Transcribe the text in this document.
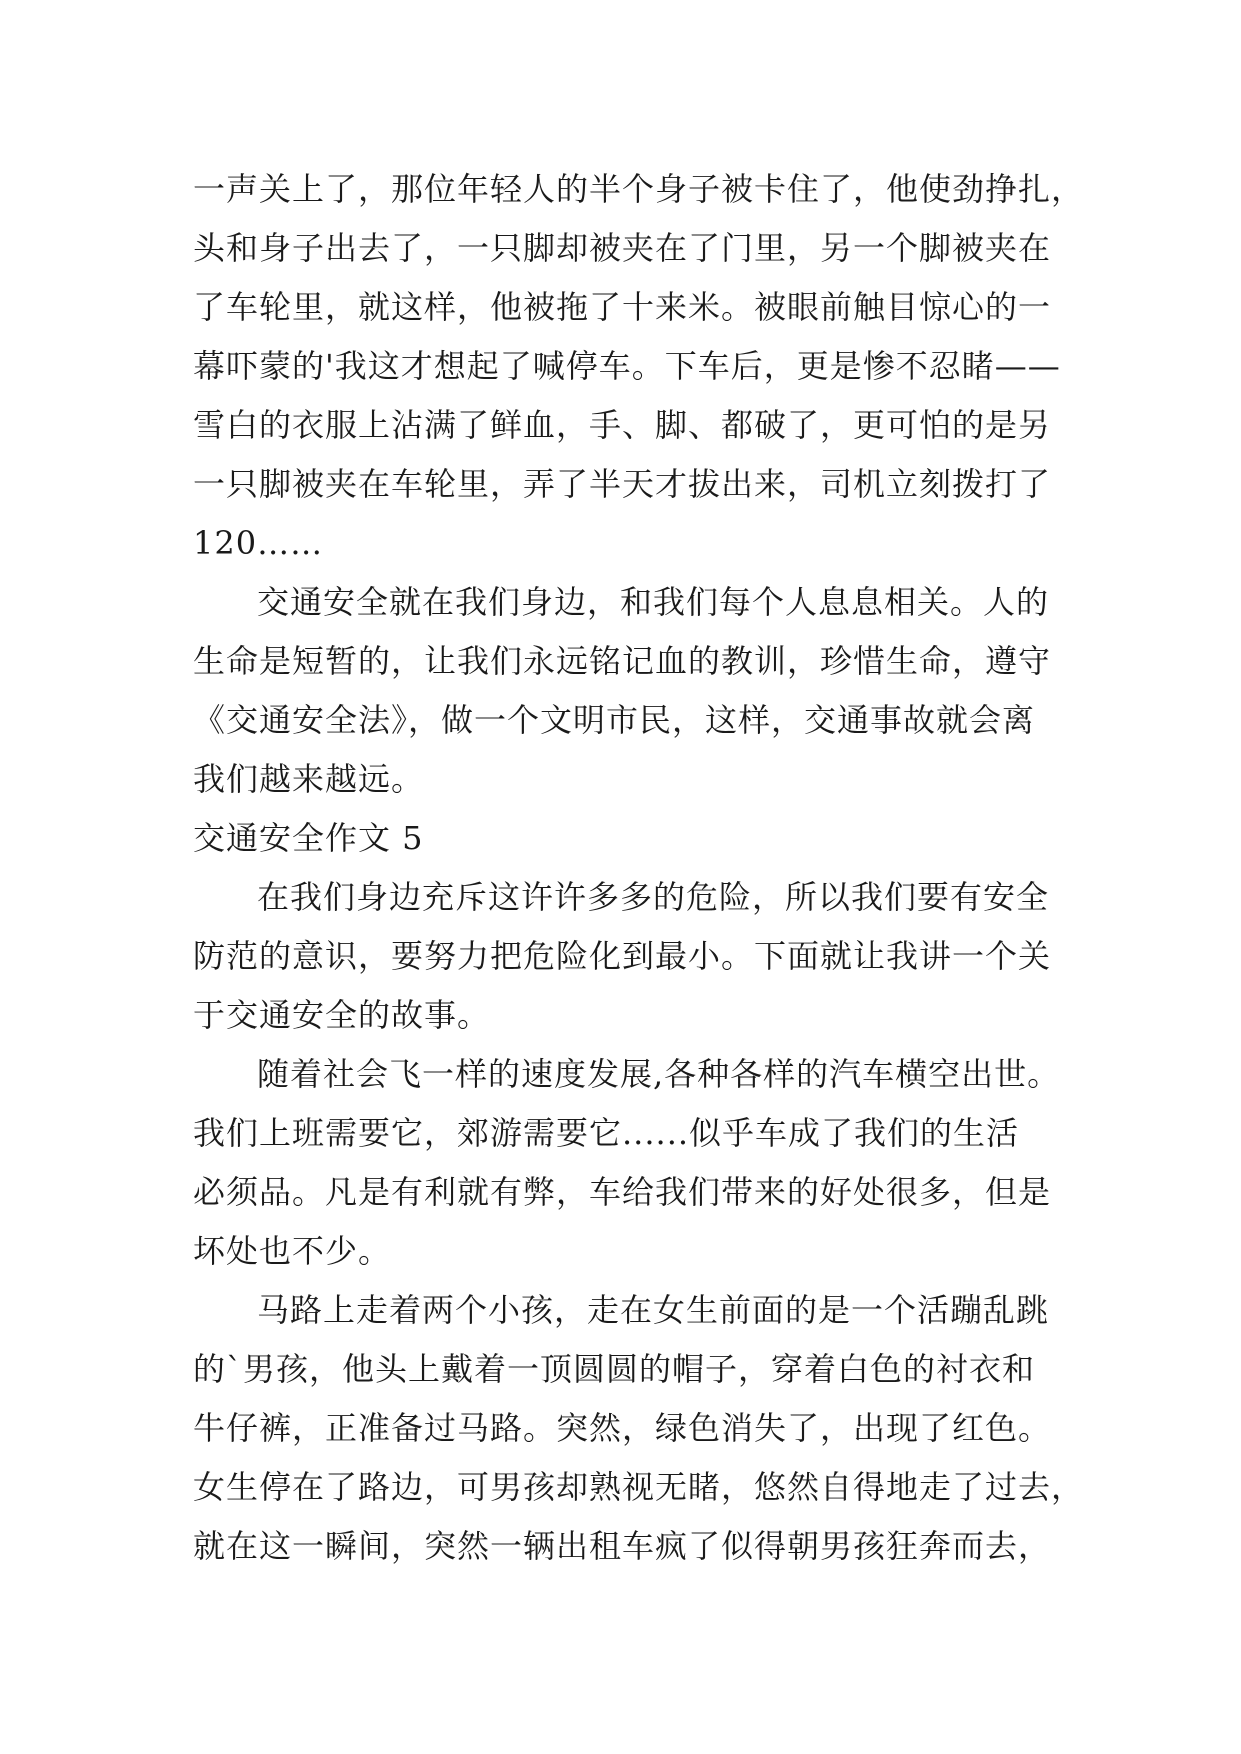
一声关上了，那位年轻人的半个身子被卡住了，他使劲挣扎，
头和身子出去了，一只脚却被夹在了门里，另一个脚被夹在
了车轮里，就这样，他被拖了十来米。被眼前触目惊心的一
幕吓蒙的'我这才想起了喊停车。下车后，更是惨不忍睹——
雪白的衣服上沾满了鲜血，手、脚、都破了，更可怕的是另
一只脚被夹在车轮里，弄了半天才拔出来，司机立刻拨打了
120……
交通安全就在我们身边，和我们每个人息息相关。人的
生命是短暂的，让我们永远铭记血的教训，珍惜生命，遵守
《交通安全法》，做一个文明市民，这样，交通事故就会离
我们越来越远。
交通安全作文 5
在我们身边充斥这许许多多的危险，所以我们要有安全
防范的意识，要努力把危险化到最小。下面就让我讲一个关
于交通安全的故事。
随着社会飞一样的速度发展,各种各样的汽车横空出世。
我们上班需要它，郊游需要它......似乎车成了我们的生活
必须品。凡是有利就有弊，车给我们带来的好处很多，但是
坏处也不少。
马路上走着两个小孩，走在女生前面的是一个活蹦乱跳
的`男孩，他头上戴着一顶圆圆的帽子，穿着白色的衬衣和
牛仔裤，正准备过马路。突然，绿色消失了，出现了红色。
女生停在了路边，可男孩却熟视无睹，悠然自得地走了过去，
就在这一瞬间，突然一辆出租车疯了似得朝男孩狂奔而去，
